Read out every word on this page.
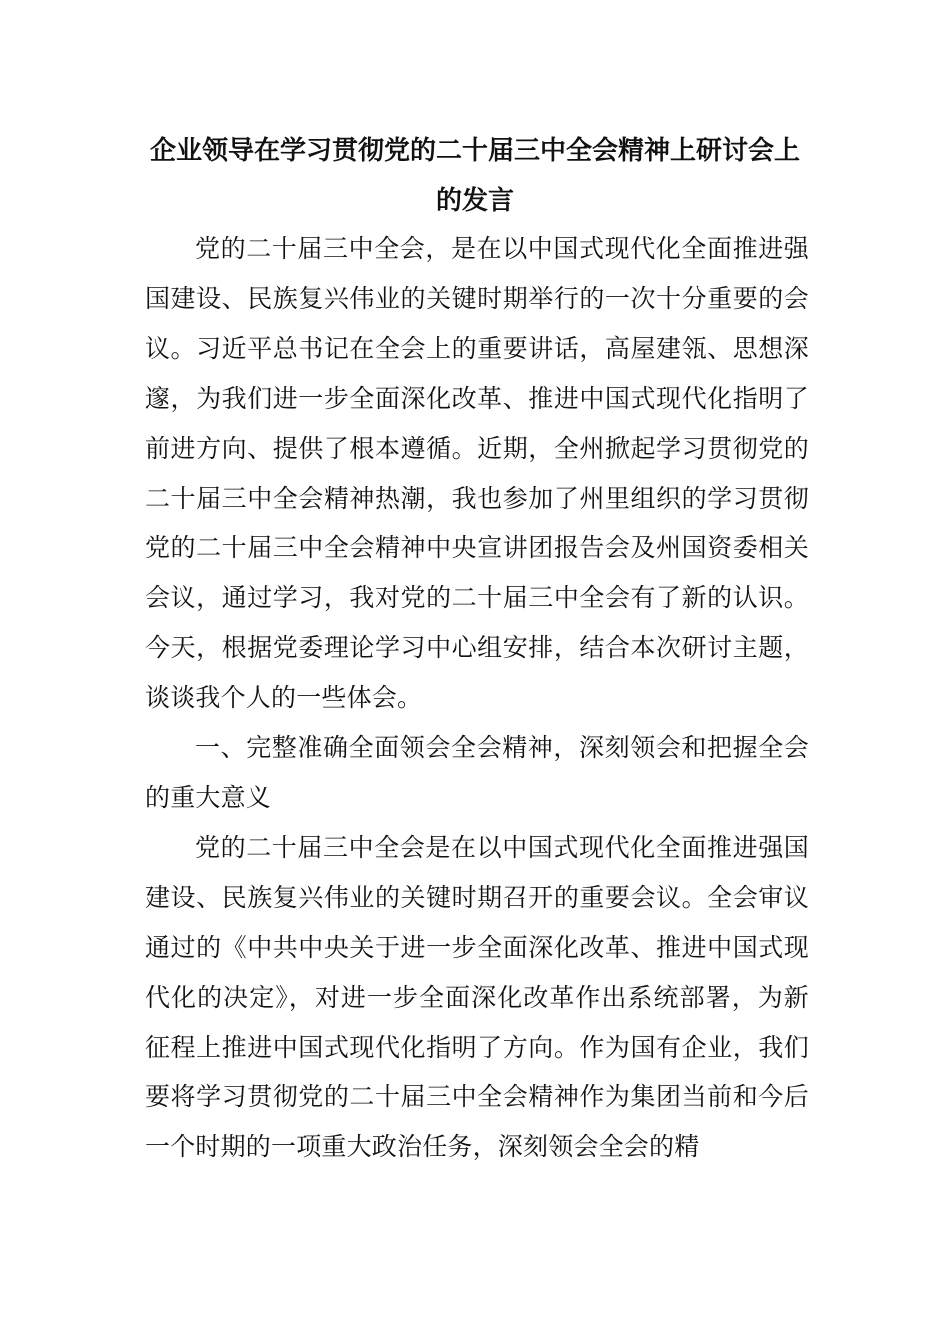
企业领导在学习贯彻党的二十届三中全会精神上研讨会上的发言

党的二十届三中全会，是在以中国式现代化全面推进强国建设、民族复兴伟业的关键时期举行的一次十分重要的会议。习近平总书记在全会上的重要讲话，高屋建瓴、思想深邃，为我们进一步全面深化改革、推进中国式现代化指明了前进方向、提供了根本遵循。近期，全州掀起学习贯彻党的二十届三中全会精神热潮，我也参加了州里组织的学习贯彻党的二十届三中全会精神中央宣讲团报告会及州国资委相关会议，通过学习，我对党的二十届三中全会有了新的认识。今天，根据党委理论学习中心组安排，结合本次研讨主题，谈谈我个人的一些体会。

一、完整准确全面领会全会精神，深刻领会和把握全会的重大意义

党的二十届三中全会是在以中国式现代化全面推进强国建设、民族复兴伟业的关键时期召开的重要会议。全会审议通过的《中共中央关于进一步全面深化改革、推进中国式现代化的决定》，对进一步全面深化改革作出系统部署，为新征程上推进中国式现代化指明了方向。作为国有企业，我们要将学习贯彻党的二十届三中全会精神作为集团当前和今后一个时期的一项重大政治任务，深刻领会全会的精
